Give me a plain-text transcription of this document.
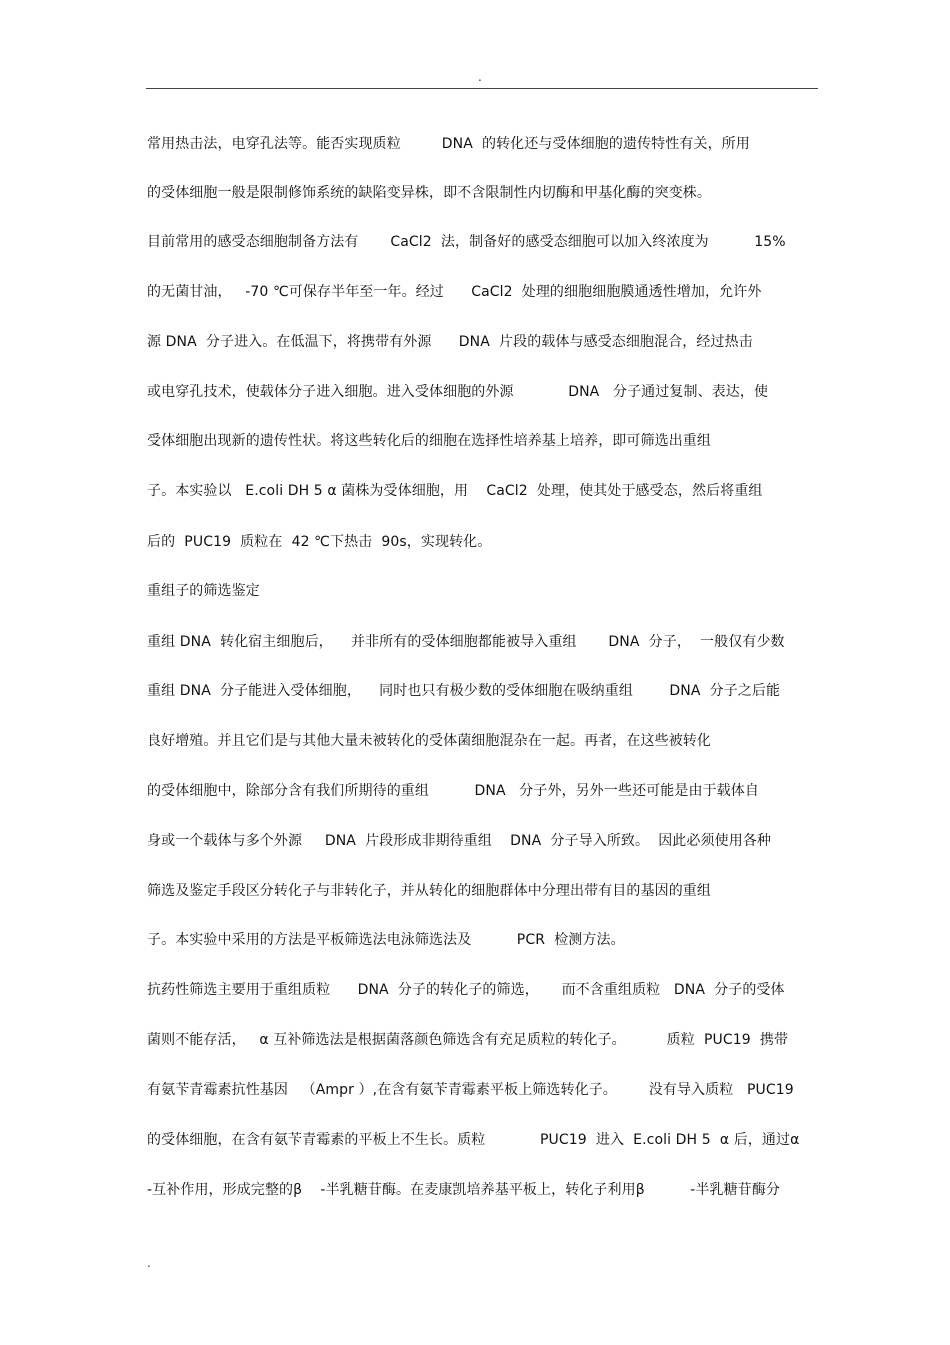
.
常用热击法，电穿孔法等。能否实现质粒         DNA  的转化还与受体细胞的遗传特性有关，所用
的受体细胞一般是限制修饰系统的缺陷变异株，即不含限制性内切酶和甲基化酶的突变株。
目前常用的感受态细胞制备方法有       CaCl2  法，制备好的感受态细胞可以加入终浓度为          15%
的无菌甘油，   -70 ℃可保存半年至一年。经过      CaCl2  处理的细胞细胞膜通透性增加，允许外
源 DNA  分子进入。在低温下，将携带有外源      DNA  片段的载体与感受态细胞混合，经过热击
或电穿孔技术，使载体分子进入细胞。进入受体细胞的外源            DNA   分子通过复制、表达，使
受体细胞出现新的遗传性状。将这些转化后的细胞在选择性培养基上培养，即可筛选出重组
子。本实验以   E.coli DH 5 α 菌株为受体细胞，用    CaCl2  处理，使其处于感受态，然后将重组
后的  PUC19  质粒在  42 ℃下热击  90s，实现转化。
重组子的筛选鉴定
重组 DNA  转化宿主细胞后，    并非所有的受体细胞都能被导入重组       DNA  分子，  一般仅有少数
重组 DNA  分子能进入受体细胞，    同时也只有极少数的受体细胞在吸纳重组        DNA  分子之后能
良好增殖。并且它们是与其他大量未被转化的受体菌细胞混杂在一起。再者，在这些被转化
的受体细胞中，除部分含有我们所期待的重组          DNA   分子外，另外一些还可能是由于载体自
身或一个载体与多个外源     DNA  片段形成非期待重组    DNA  分子导入所致。  因此必须使用各种
筛选及鉴定手段区分转化子与非转化子，并从转化的细胞群体中分理出带有目的基因的重组
子。本实验中采用的方法是平板筛选法电泳筛选法及          PCR  检测方法。
抗药性筛选主要用于重组质粒      DNA  分子的转化子的筛选，     而不含重组质粒   DNA  分子的受体
菌则不能存活，   α 互补筛选法是根据菌落颜色筛选含有充足质粒的转化子。         质粒  PUC19  携带
有氨苄青霉素抗性基因   （Ampr ）,在含有氨苄青霉素平板上筛选转化子。       没有导入质粒   PUC19
的受体细胞，在含有氨苄青霉素的平板上不生长。质粒            PUC19  进入  E.coli DH 5  α 后，通过α
-互补作用，形成完整的β    -半乳糖苷酶。在麦康凯培养基平板上，转化子利用β          -半乳糖苷酶分
.
